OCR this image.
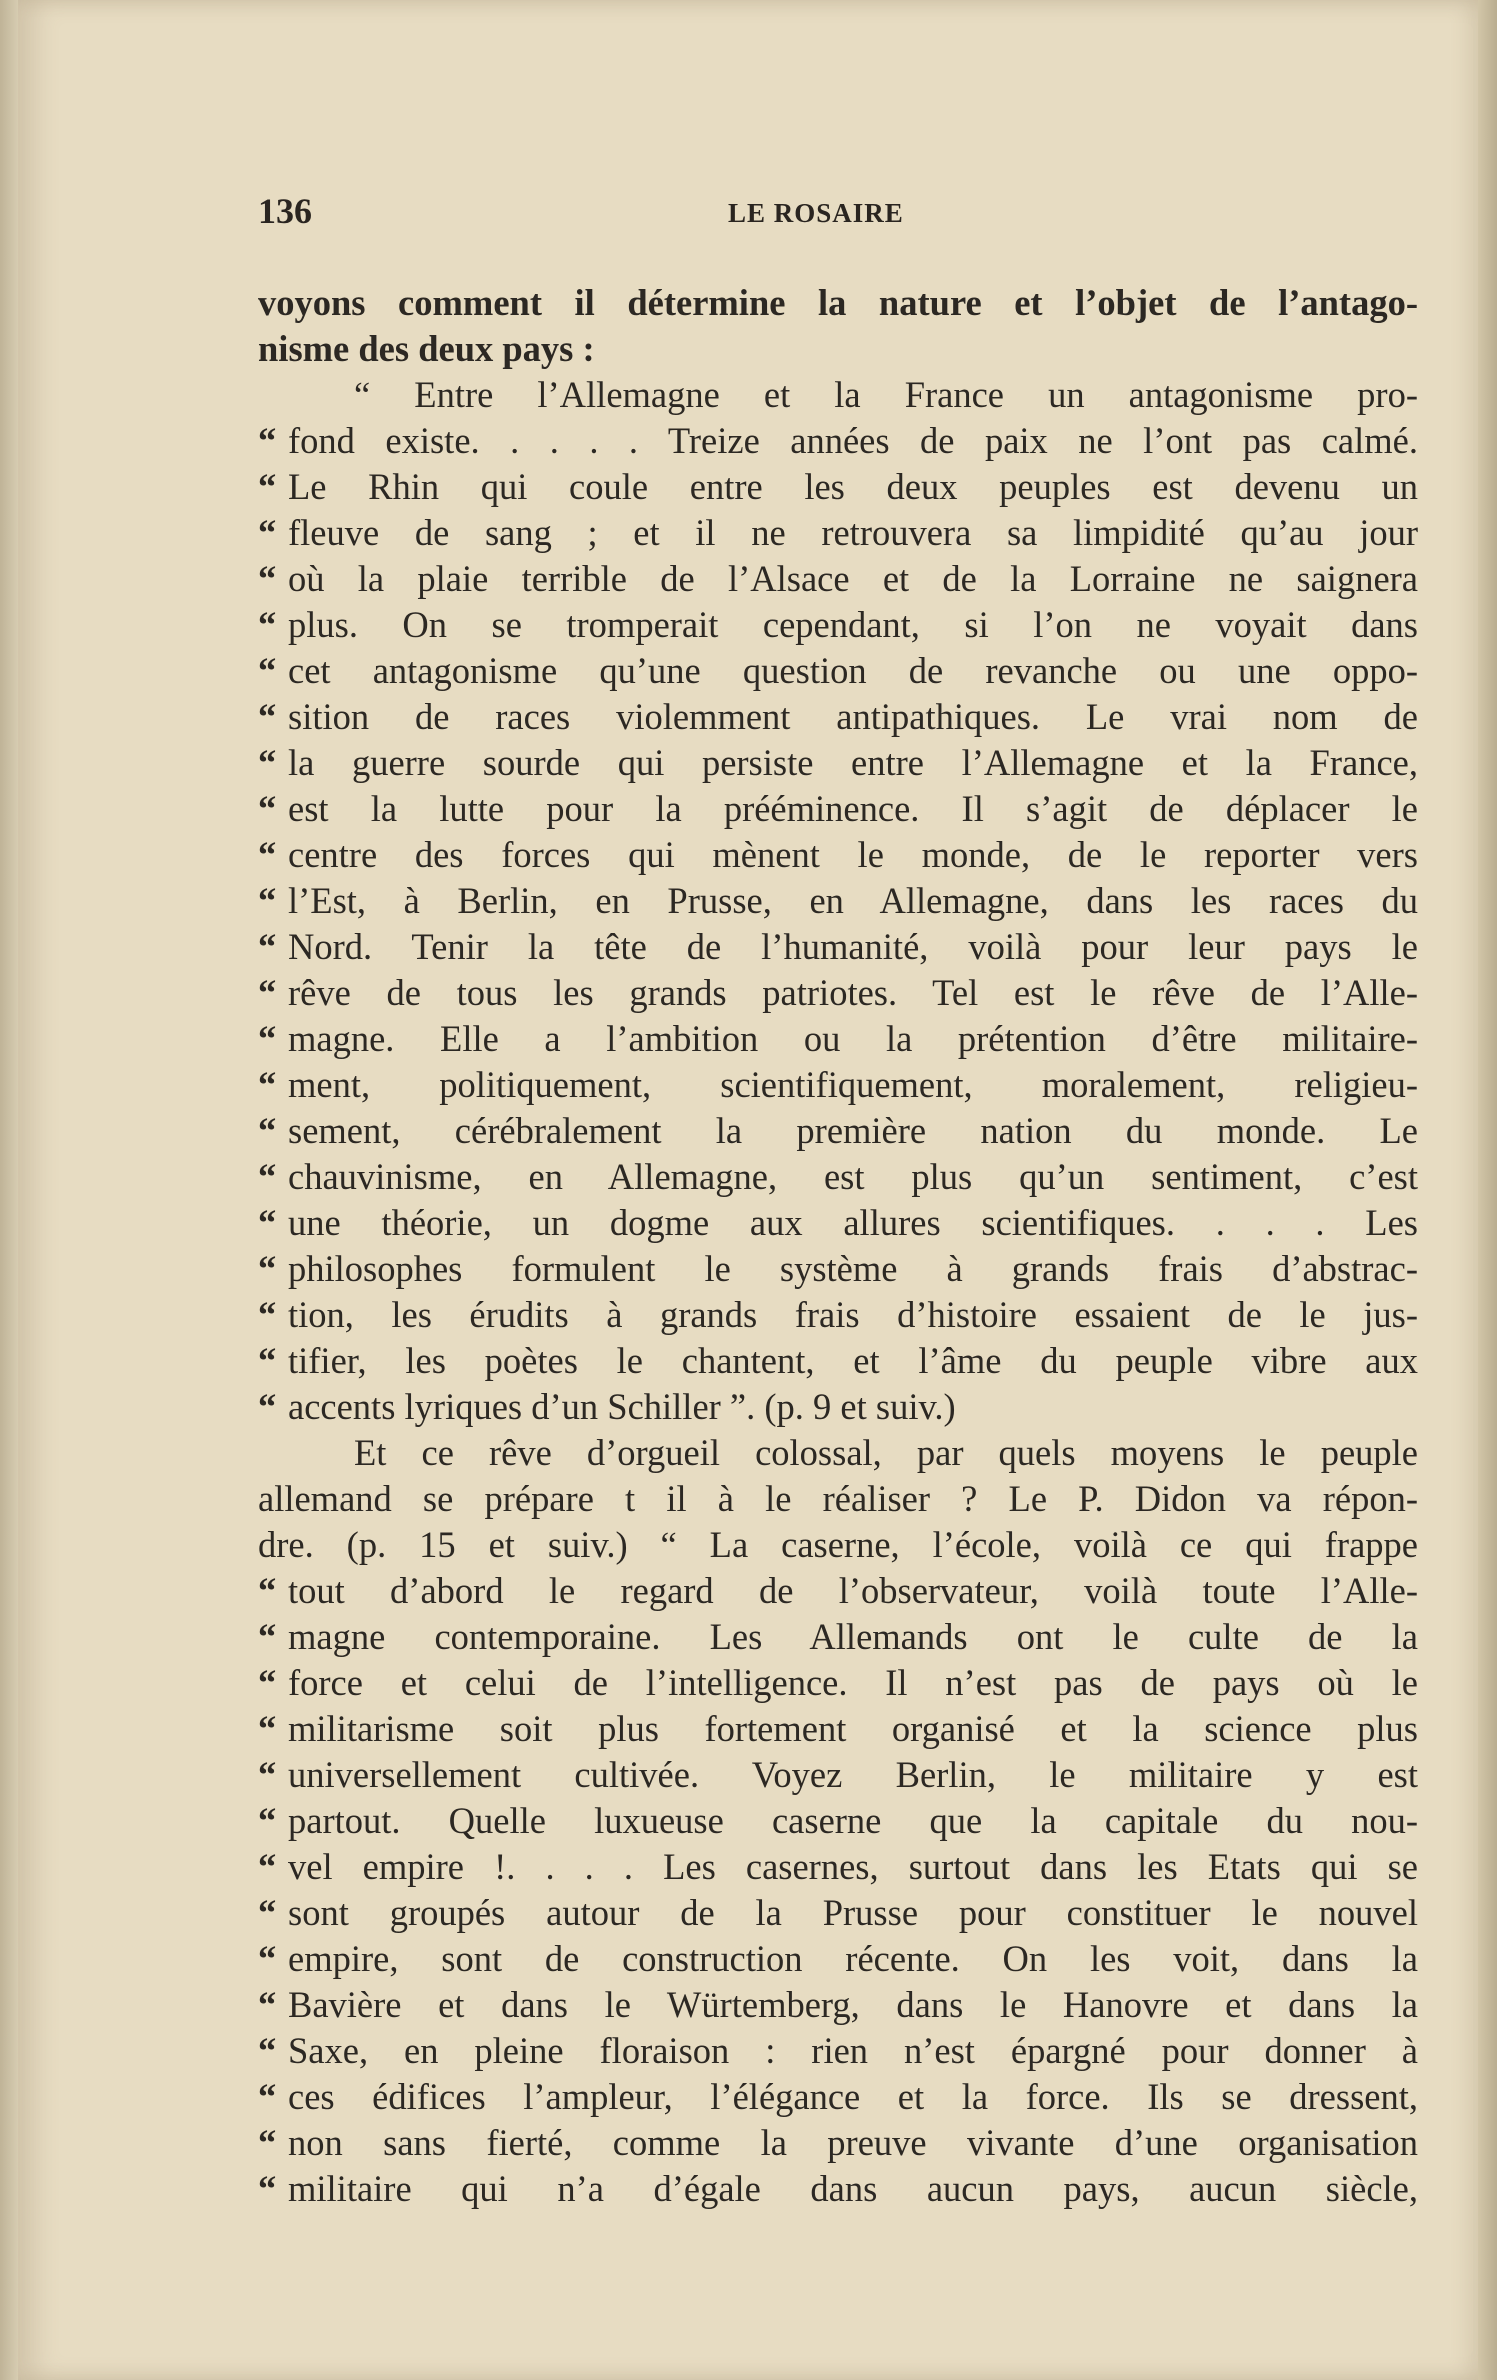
136	LE ROSAIRE
voyons comment il détermine la nature et l’objet de l’antago-
nisme des deux pays :
“ Entre l’Allemagne et la France un antagonisme pro-
“ fond existe. . . . . Treize années de paix ne l’ont pas calmé.
“ Le Rhin qui coule entre les deux peuples est devenu un
“ fleuve de sang ; et il ne retrouvera sa limpidité qu’au jour
“ où la plaie terrible de l’Alsace et de la Lorraine ne saignera
“ plus. On se tromperait cependant, si l’on ne voyait dans
“ cet antagonisme qu’une question de revanche ou une oppo-
“ sition de races violemment antipathiques. Le vrai nom de
“ la guerre sourde qui persiste entre l’Allemagne et la France,
“ est la lutte pour la prééminence. Il s’agit de déplacer le
“ centre des forces qui mènent le monde, de le reporter vers
“ l’Est, à Berlin, en Prusse, en Allemagne, dans les races du
“ Nord. Tenir la tête de l’humanité, voilà pour leur pays le
“ rêve de tous les grands patriotes. Tel est le rêve de l’Alle-
“ magne. Elle a l’ambition ou la prétention d’être militaire-
“ ment, politiquement, scientifiquement, moralement, religieu-
“ sement, cérébralement la première nation du monde. Le
“ chauvinisme, en Allemagne, est plus qu’un sentiment, c’est
“ une théorie, un dogme aux allures scientifiques. . . . Les
“ philosophes formulent le système à grands frais d’abstrac-
“ tion, les érudits à grands frais d’histoire essaient de le jus-
“ tifier, les poètes le chantent, et l’âme du peuple vibre aux
“ accents lyriques d’un Schiller ”. (p. 9 et suiv.)
Et ce rêve d’orgueil colossal, par quels moyens le peuple
allemand se prépare t il à le réaliser ? Le P. Didon va répon-
dre. (p. 15 et suiv.) “ La caserne, l’école, voilà ce qui frappe
“ tout d’abord le regard de l’observateur, voilà toute l’Alle-
“ magne contemporaine. Les Allemands ont le culte de la
“ force et celui de l’intelligence. Il n’est pas de pays où le
“ militarisme soit plus fortement organisé et la science plus
“ universellement cultivée. Voyez Berlin, le militaire y est
“ partout. Quelle luxueuse caserne que la capitale du nou-
“ vel empire !. . . . Les casernes, surtout dans les Etats qui se
“ sont groupés autour de la Prusse pour constituer le nouvel
“ empire, sont de construction récente. On les voit, dans la
“ Bavière et dans le Würtemberg, dans le Hanovre et dans la
“ Saxe, en pleine floraison : rien n’est épargné pour donner à
“ ces édifices l’ampleur, l’élégance et la force. Ils se dressent,
“ non sans fierté, comme la preuve vivante d’une organisation
“ militaire qui n’a d’égale dans aucun pays, aucun siècle,
